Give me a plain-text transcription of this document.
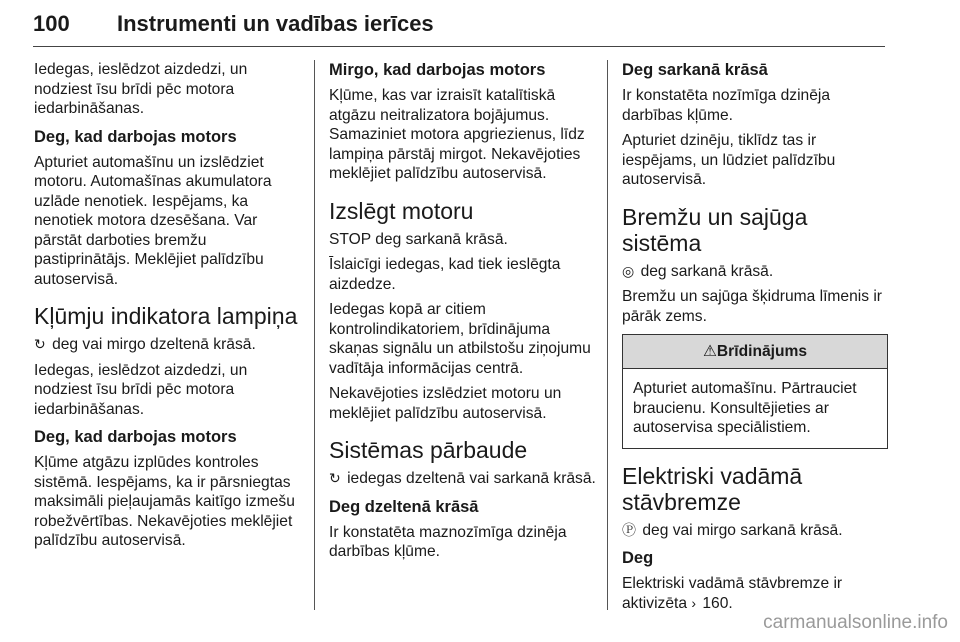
100 Instrumenti un vadības ierīces

Iedegas, ieslēdzot aizdedzi, un nodziest īsu brīdi pēc motora iedarbināšanas.

Deg, kad darbojas motors

Apturiet automašīnu un izslēdziet motoru. Automašīnas akumulatora uzlāde nenotiek. Iespējams, ka nenotiek motora dzesēšana. Var pārstāt darboties bremžu pastiprinātājs. Meklējiet palīdzību autoservisā.

Kļūmju indikatora lampiņa

↻ deg vai mirgo dzeltenā krāsā.

Iedegas, ieslēdzot aizdedzi, un nodziest īsu brīdi pēc motora iedarbināšanas.

Deg, kad darbojas motors

Kļūme atgāzu izplūdes kontroles sistēmā. Iespējams, ka ir pārsniegtas maksimāli pieļaujamās kaitīgo izmešu robežvērtības. Nekavējoties meklējiet palīdzību autoservisā.

Mirgo, kad darbojas motors

Kļūme, kas var izraisīt katalītiskā atgāzu neitralizatora bojājumus. Samaziniet motora apgriezienus, līdz lampiņa pārstāj mirgot. Nekavējoties meklējiet palīdzību autoservisā.

Izslēgt motoru

STOP deg sarkanā krāsā.

Īslaicīgi iedegas, kad tiek ieslēgta aizdedze.

Iedegas kopā ar citiem kontrolindikatoriem, brīdinājuma skaņas signālu un atbilstošu ziņojumu vadītāja informācijas centrā.

Nekavējoties izslēdziet motoru un meklējiet palīdzību autoservisā.

Sistēmas pārbaude

↻ iedegas dzeltenā vai sarkanā krāsā.

Deg dzeltenā krāsā

Ir konstatēta maznozīmīga dzinēja darbības kļūme.

Deg sarkanā krāsā

Ir konstatēta nozīmīga dzinēja darbības kļūme.

Apturiet dzinēju, tiklīdz tas ir iespējams, un lūdziet palīdzību autoservisā.

Bremžu un sajūga sistēma

◎ deg sarkanā krāsā.

Bremžu un sajūga šķidruma līmenis ir pārāk zems.

⚠Brīdinājums

Apturiet automašīnu. Pārtrauciet braucienu. Konsultējieties ar autoservisa speciālistiem.

Elektriski vadāmā stāvbremze

Ⓟ deg vai mirgo sarkanā krāsā.

Deg

Elektriski vadāmā stāvbremze ir aktivizēta › 160.

carmanualsonline.info
